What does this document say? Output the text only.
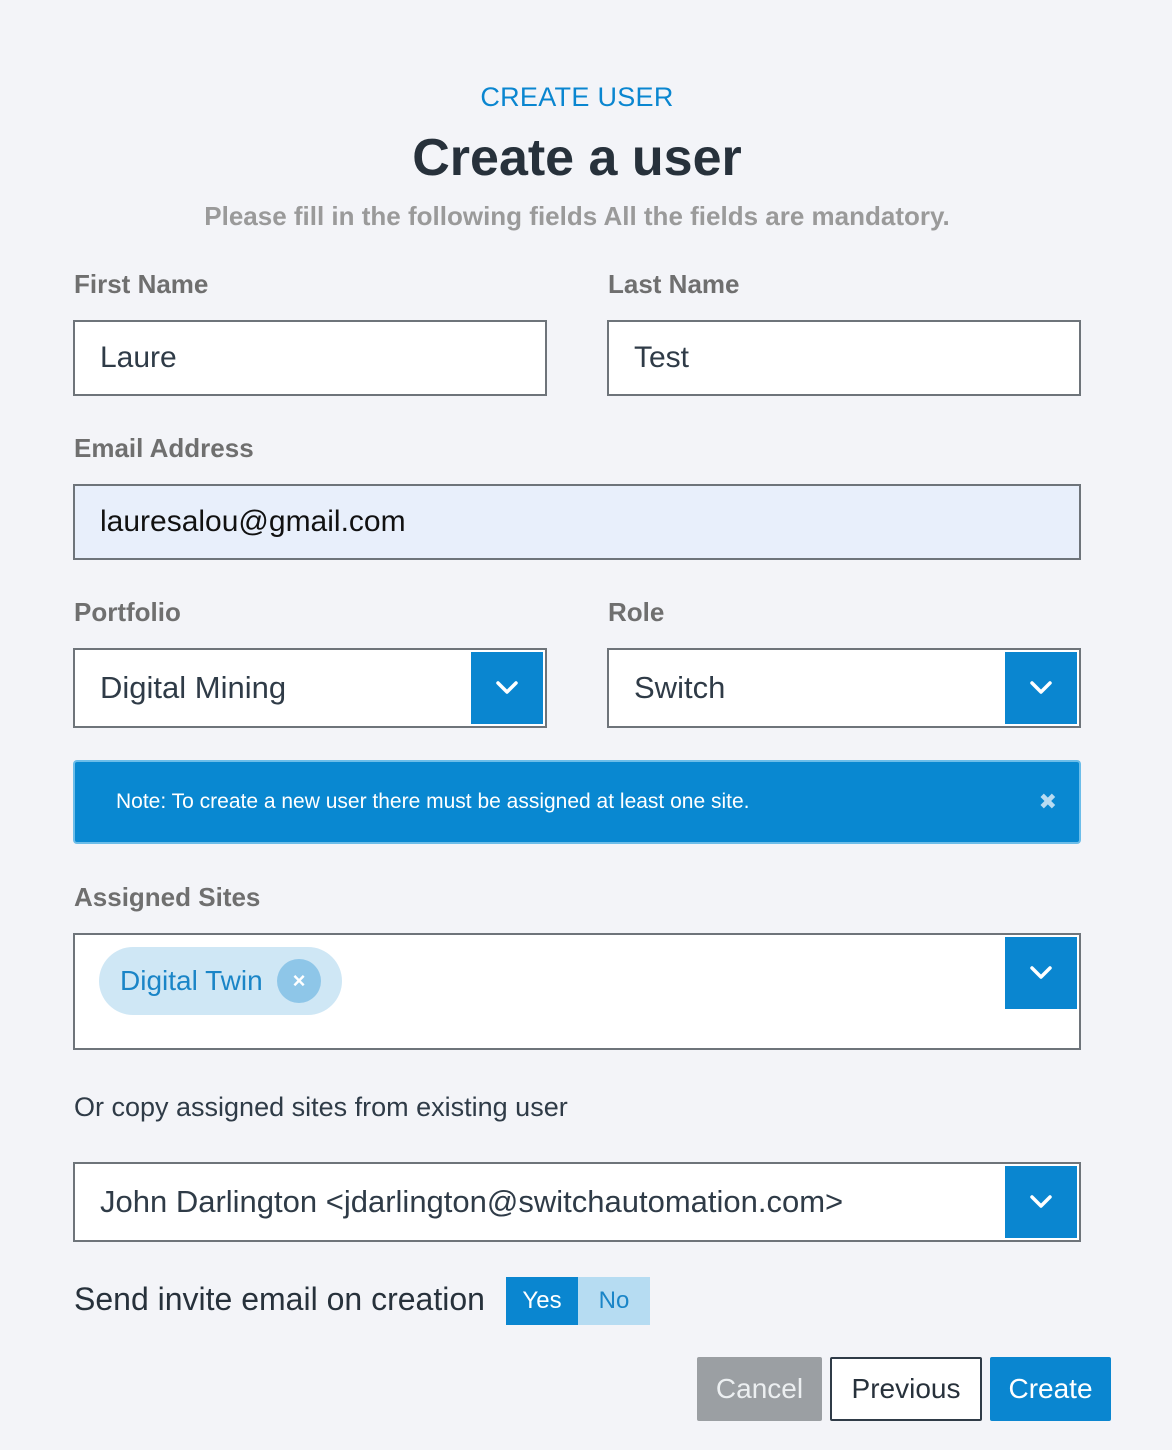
CREATE USER
Create a user
Please fill in the following fields All the fields are mandatory.
First Name
Laure
Last Name
Test
Email Address
lauresalou@gmail.com
Portfolio
Digital Mining
Role
Switch
Note: To create a new user there must be assigned at least one site.	✖
Assigned Sites
Digital Twin	×
Or copy assigned sites from existing user
John Darlington <jdarlington@switchautomation.com>
Send invite email on creation	Yes	No
Cancel	Previous	Create
